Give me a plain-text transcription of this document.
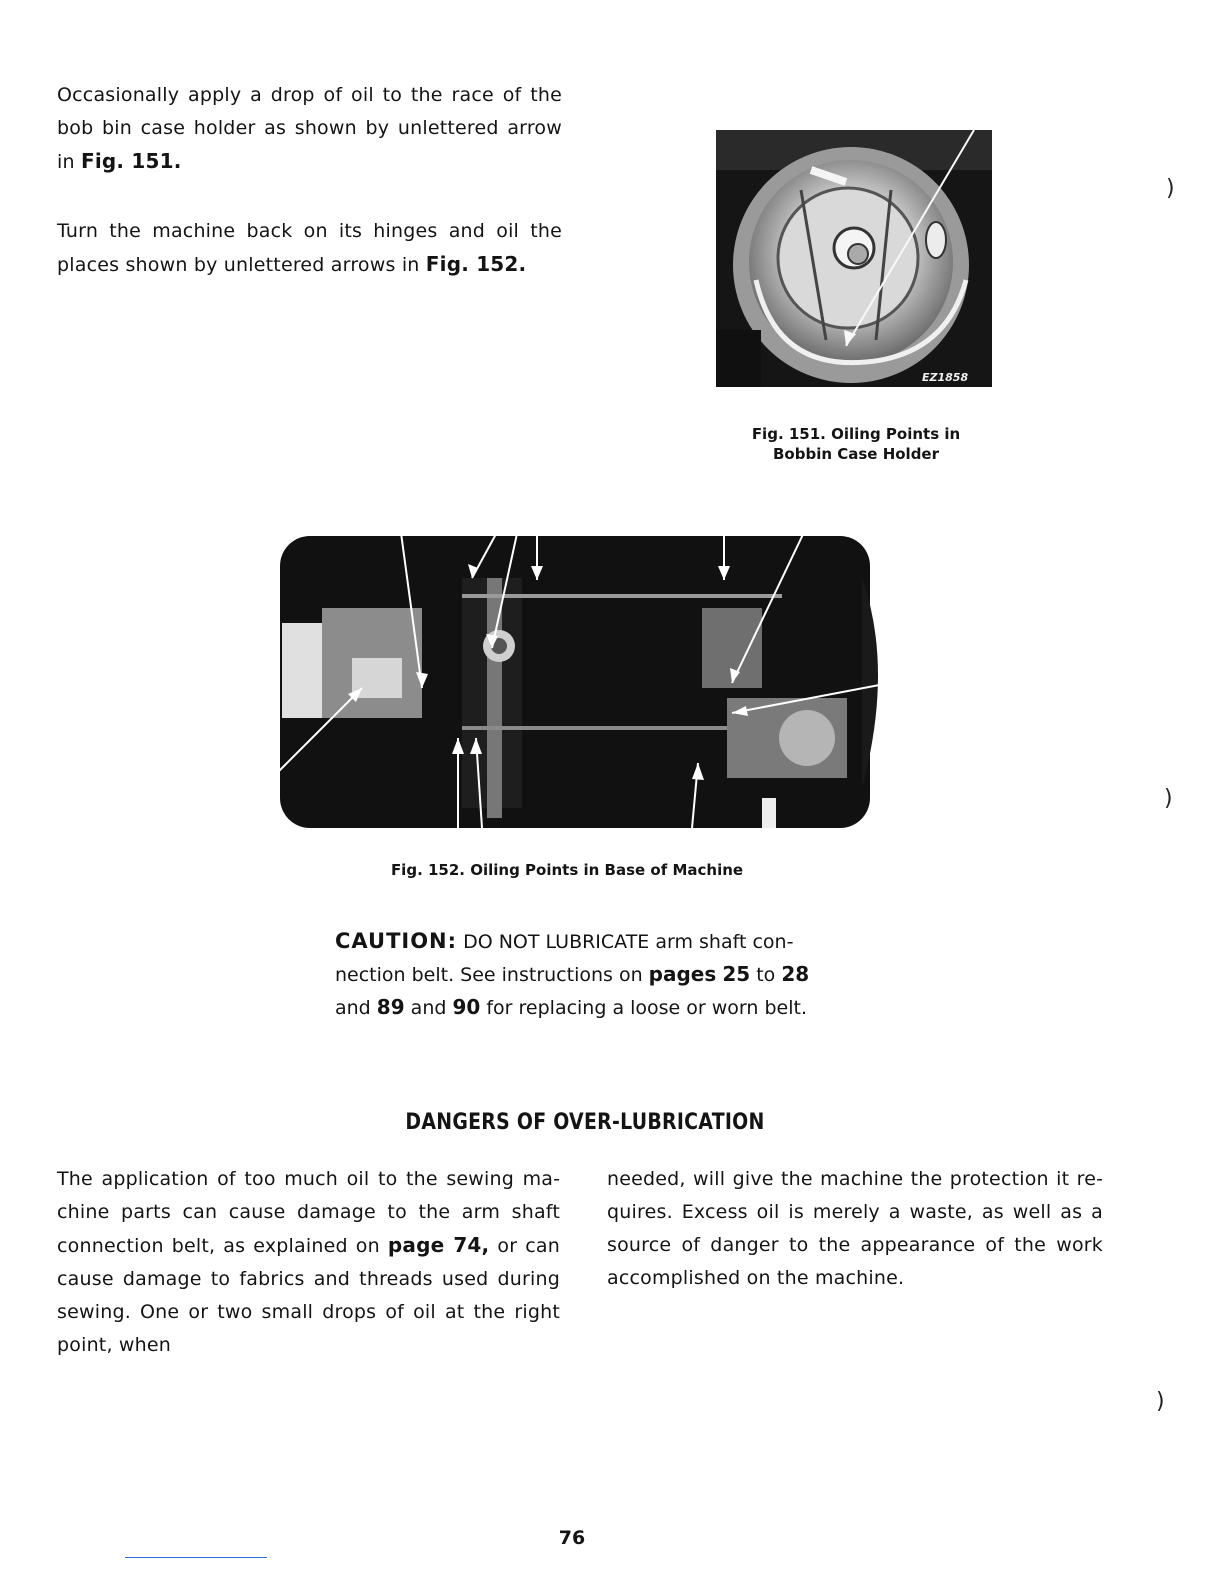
Occasionally apply a drop of oil to the race of the bob bin case holder as shown by unlettered arrow in Fig. 151.
Turn the machine back on its hinges and oil the places shown by unlettered arrows in Fig. 152.
EZ1858
Fig. 151. Oiling Points in
Bobbin Case Holder
Fig. 152. Oiling Points in Base of Machine
CAUTION: DO NOT LUBRICATE arm shaft connection belt. See instructions on pages 25 to 28 and 89 and 90 for replacing a loose or worn belt.
DANGERS OF OVER-LUBRICATION
The application of too much oil to the sewing machine parts can cause damage to the arm shaft connection belt, as explained on page 74, or can cause damage to fabrics and threads used during sewing. One or two small drops of oil at the right point, when
needed, will give the machine the protection it requires. Excess oil is merely a waste, as well as a source of danger to the appearance of the work accomplished on the machine.
)
)
)
76
